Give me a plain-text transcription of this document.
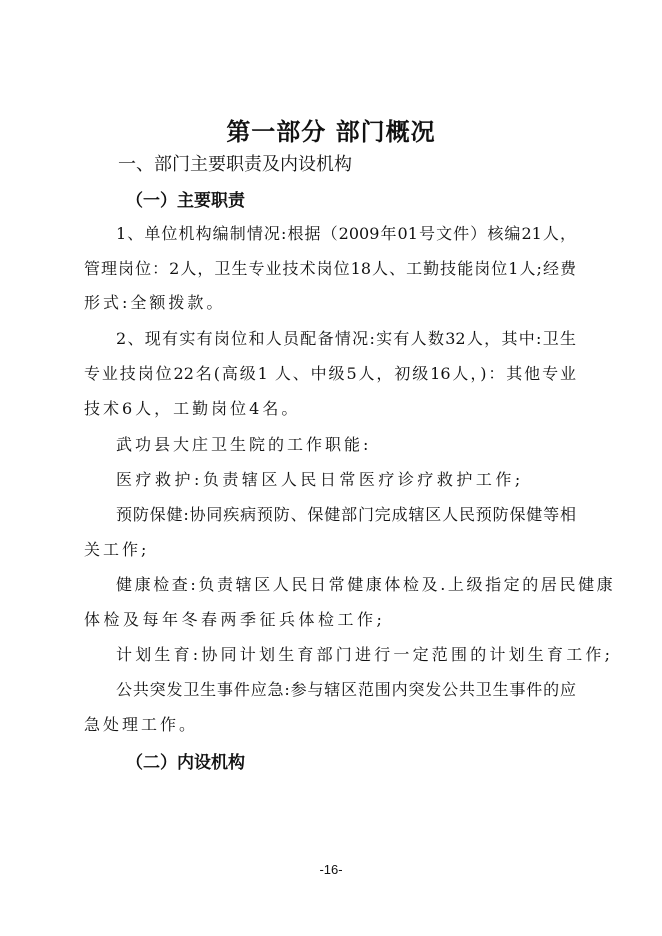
第一部分 部门概况
一、部门主要职责及内设机构
（一）主要职责
1、单位机构编制情况:根据（2009年01号文件）核编21人，
管理岗位：2人，卫生专业技术岗位18人、工勤技能岗位1人;经费
形式:全额拨款。
2、现有实有岗位和人员配备情况:实有人数32人，其中:卫生
专业技岗位22名(高级1 人、中级5人，初级16人，)：其他专业
技术6人，工勤岗位4名。
武功县大庄卫生院的工作职能:
医疗救护:负责辖区人民日常医疗诊疗救护工作;
预防保健:协同疾病预防、保健部门完成辖区人民预防保健等相
关工作;
健康检查:负责辖区人民日常健康体检及.上级指定的居民健康
体检及每年冬春两季征兵体检工作;
计划生育:协同计划生育部门进行一定范围的计划生育工作;
公共突发卫生事件应急:参与辖区范围内突发公共卫生事件的应
急处理工作。
（二）内设机构
-16-
